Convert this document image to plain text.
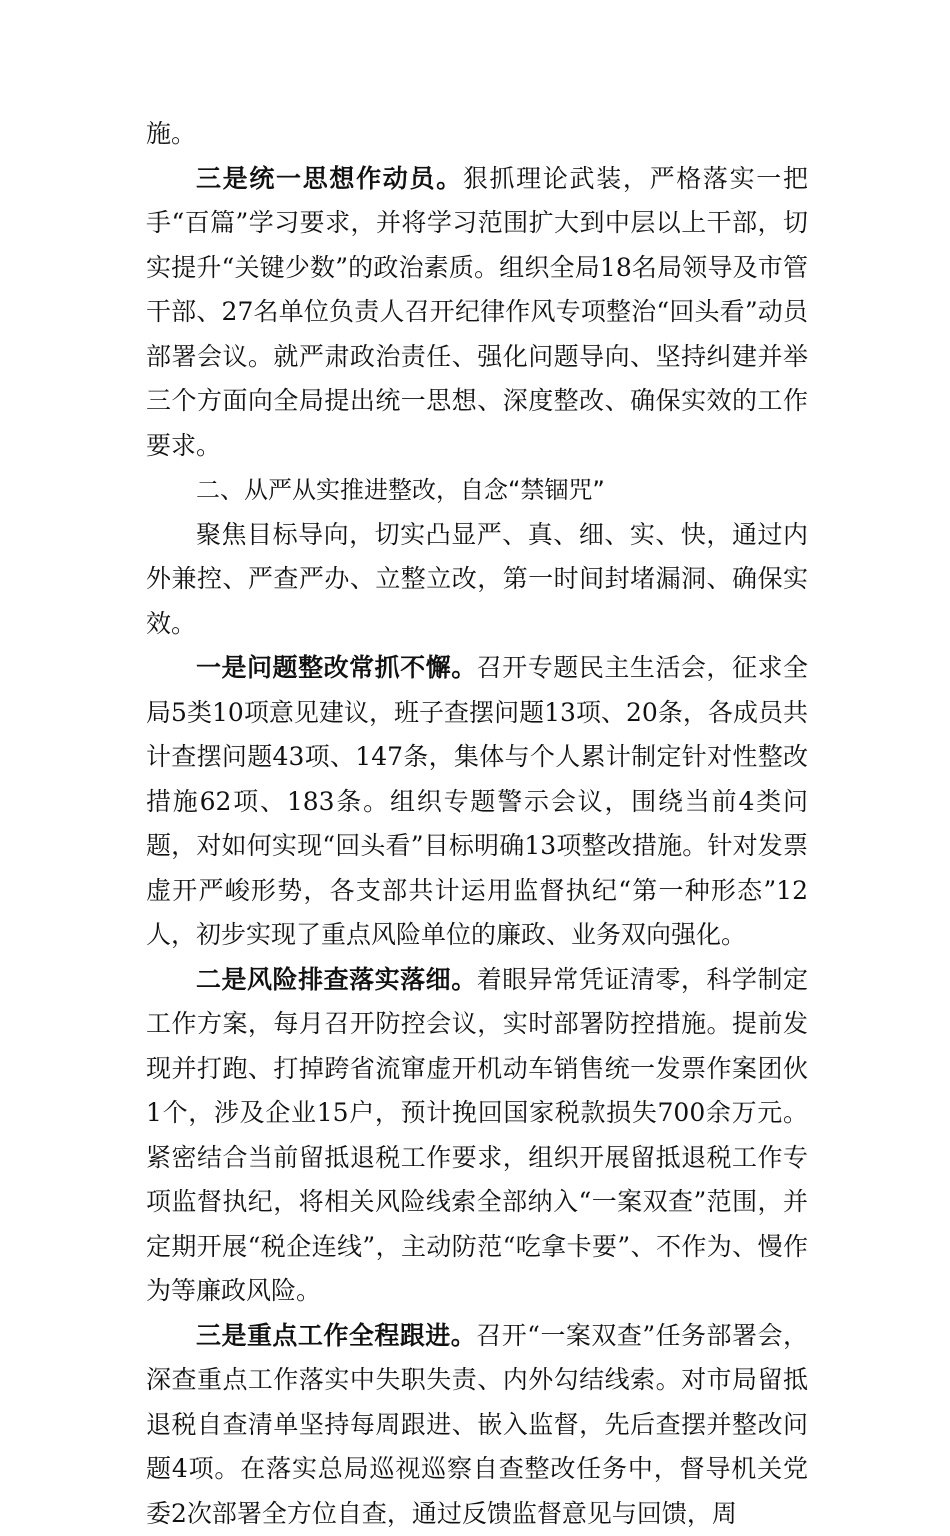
施。

三是统一思想作动员。狠抓理论武装，严格落实一把手“百篇”学习要求，并将学习范围扩大到中层以上干部，切实提升“关键少数”的政治素质。组织全局18名局领导及市管干部、27名单位负责人召开纪律作风专项整治“回头看”动员部署会议。就严肃政治责任、强化问题导向、坚持纠建并举三个方面向全局提出统一思想、深度整改、确保实效的工作要求。

二、从严从实推进整改，自念“禁锢咒”

聚焦目标导向，切实凸显严、真、细、实、快，通过内外兼控、严查严办、立整立改，第一时间封堵漏洞、确保实效。

一是问题整改常抓不懈。召开专题民主生活会，征求全局5类10项意见建议，班子查摆问题13项、20条，各成员共计查摆问题43项、147条，集体与个人累计制定针对性整改措施62项、183条。组织专题警示会议，围绕当前4类问题，对如何实现“回头看”目标明确13项整改措施。针对发票虚开严峻形势，各支部共计运用监督执纪“第一种形态”12人，初步实现了重点风险单位的廉政、业务双向强化。

二是风险排查落实落细。着眼异常凭证清零，科学制定工作方案，每月召开防控会议，实时部署防控措施。提前发现并打跑、打掉跨省流窜虚开机动车销售统一发票作案团伙1个，涉及企业15户，预计挽回国家税款损失700余万元。紧密结合当前留抵退税工作要求，组织开展留抵退税工作专项监督执纪，将相关风险线索全部纳入“一案双查”范围，并定期开展“税企连线”，主动防范“吃拿卡要”、不作为、慢作为等廉政风险。

三是重点工作全程跟进。召开“一案双查”任务部署会，深查重点工作落实中失职失责、内外勾结线索。对市局留抵退税自查清单坚持每周跟进、嵌入监督，先后查摆并整改问题4项。在落实总局巡视巡察自查整改任务中，督导机关党委2次部署全方位自查，通过反馈监督意见与回馈，周
